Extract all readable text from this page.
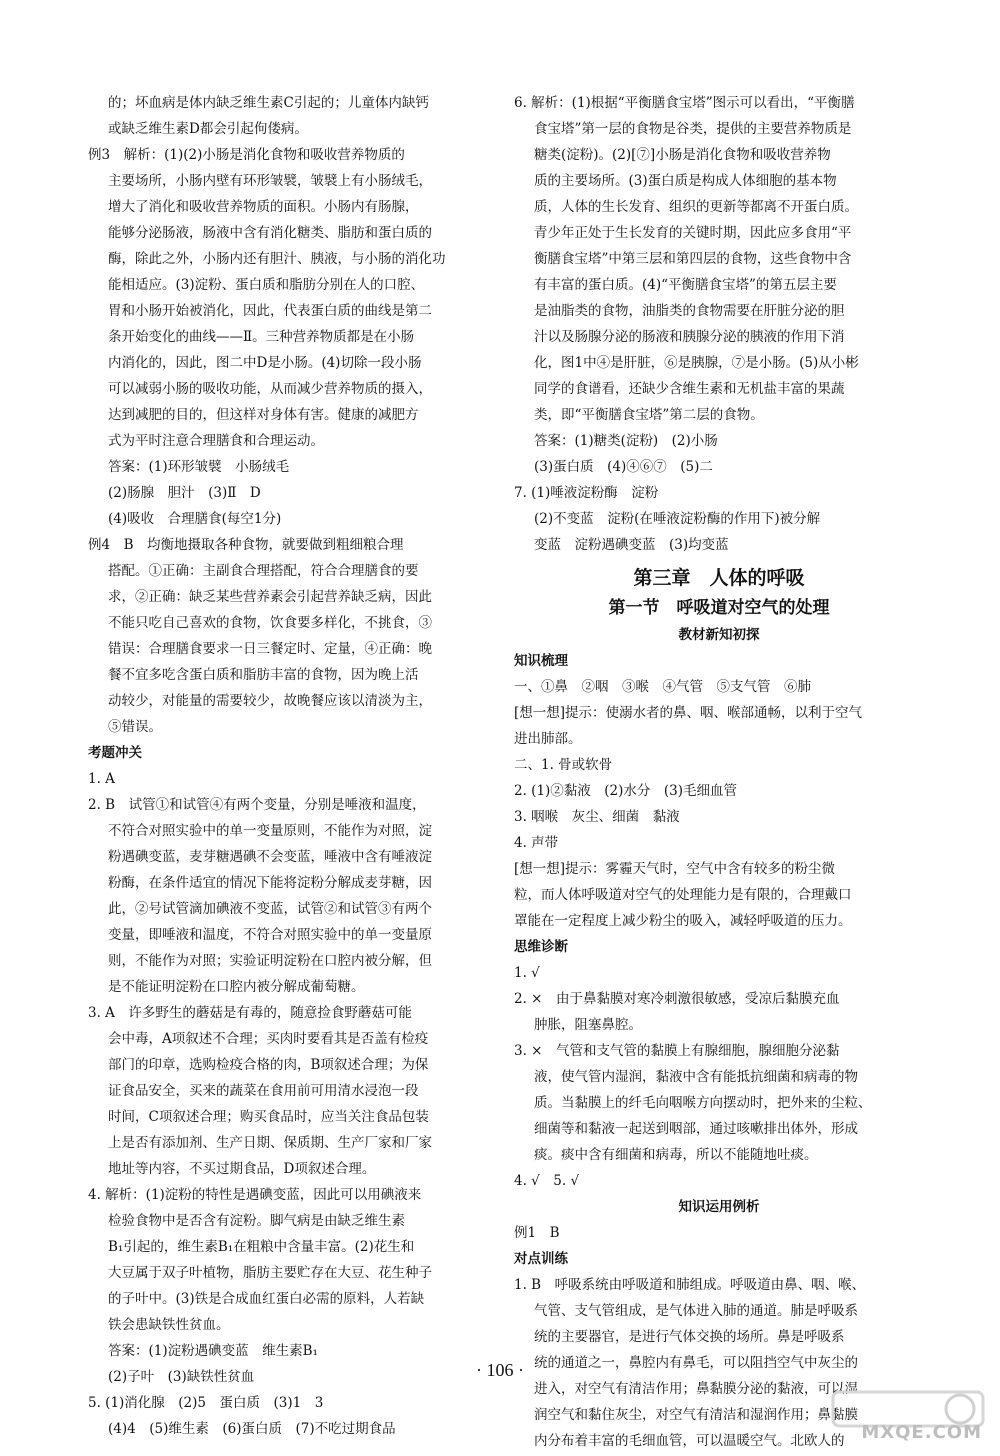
的；坏血病是体内缺乏维生素C引起的；儿童体内缺钙

或缺乏维生素D都会引起佝偻病。

例3　解析：(1)(2)小肠是消化食物和吸收营养物质的

主要场所，小肠内壁有环形皱襞，皱襞上有小肠绒毛，

增大了消化和吸收营养物质的面积。小肠内有肠腺，

能够分泌肠液，肠液中含有消化糖类、脂肪和蛋白质的

酶，除此之外，小肠内还有胆汁、胰液，与小肠的消化功

能相适应。(3)淀粉、蛋白质和脂肪分别在人的口腔、

胃和小肠开始被消化，因此，代表蛋白质的曲线是第二

条开始变化的曲线——Ⅱ。三种营养物质都是在小肠

内消化的，因此，图二中D是小肠。(4)切除一段小肠

可以减弱小肠的吸收功能，从而减少营养物质的摄入，

达到减肥的目的，但这样对身体有害。健康的减肥方

式为平时注意合理膳食和合理运动。

答案：(1)环形皱襞　小肠绒毛

(2)肠腺　胆汁　(3)Ⅱ　D

(4)吸收　合理膳食(每空1分)

例4　B　均衡地摄取各种食物，就要做到粗细粮合理

搭配。①正确：主副食合理搭配，符合合理膳食的要

求，②正确：缺乏某些营养素会引起营养缺乏病，因此

不能只吃自己喜欢的食物，饮食要多样化，不挑食，③

错误：合理膳食要求一日三餐定时、定量，④正确：晚

餐不宜多吃含蛋白质和脂肪丰富的食物，因为晚上活

动较少，对能量的需要较少，故晚餐应该以清淡为主，

⑤错误。

考题冲关

1. A

2. B　试管①和试管④有两个变量，分别是唾液和温度，

不符合对照实验中的单一变量原则，不能作为对照，淀

粉遇碘变蓝，麦芽糖遇碘不会变蓝，唾液中含有唾液淀

粉酶，在条件适宜的情况下能将淀粉分解成麦芽糖，因

此，②号试管滴加碘液不变蓝，试管②和试管③有两个

变量，即唾液和温度，不符合对照实验中的单一变量原

则，不能作为对照；实验证明淀粉在口腔内被分解，但

是不能证明淀粉在口腔内被分解成葡萄糖。

3. A　许多野生的蘑菇是有毒的，随意捡食野蘑菇可能

会中毒，A项叙述不合理；买肉时要看其是否盖有检疫

部门的印章，选购检疫合格的肉，B项叙述合理；为保

证食品安全，买来的蔬菜在食用前可用清水浸泡一段

时间，C项叙述合理；购买食品时，应当关注食品包装

上是否有添加剂、生产日期、保质期、生产厂家和厂家

地址等内容，不买过期食品，D项叙述合理。

4. 解析：(1)淀粉的特性是遇碘变蓝，因此可以用碘液来

检验食物中是否含有淀粉。脚气病是由缺乏维生素

B₁引起的，维生素B₁在粗粮中含量丰富。(2)花生和

大豆属于双子叶植物，脂肪主要贮存在大豆、花生种子

的子叶中。(3)铁是合成血红蛋白必需的原料，人若缺

铁会患缺铁性贫血。

答案：(1)淀粉遇碘变蓝　维生素B₁

(2)子叶　(3)缺铁性贫血

5. (1)消化腺　(2)5　蛋白质　(3)1　3

(4)4　(5)维生素　(6)蛋白质　(7)不吃过期食品

6. 解析：(1)根据“平衡膳食宝塔”图示可以看出，“平衡膳

食宝塔”第一层的食物是谷类，提供的主要营养物质是

糖类(淀粉)。(2)[⑦]小肠是消化食物和吸收营养物

质的主要场所。(3)蛋白质是构成人体细胞的基本物

质，人体的生长发育、组织的更新等都离不开蛋白质。

青少年正处于生长发育的关键时期，因此应多食用“平

衡膳食宝塔”中第三层和第四层的食物，这些食物中含

有丰富的蛋白质。(4)“平衡膳食宝塔”的第五层主要

是油脂类的食物，油脂类的食物需要在肝脏分泌的胆

汁以及肠腺分泌的肠液和胰腺分泌的胰液的作用下消

化，图1中④是肝脏，⑥是胰腺，⑦是小肠。(5)从小彬

同学的食谱看，还缺少含维生素和无机盐丰富的果蔬

类，即“平衡膳食宝塔”第二层的食物。

答案：(1)糖类(淀粉)　(2)小肠

(3)蛋白质　(4)④⑥⑦　(5)二

7. (1)唾液淀粉酶　淀粉

(2)不变蓝　淀粉(在唾液淀粉酶的作用下)被分解

变蓝　淀粉遇碘变蓝　(3)均变蓝

第三章　人体的呼吸
第一节　呼吸道对空气的处理

教材新知初探

知识梳理

一、①鼻　②咽　③喉　④气管　⑤支气管　⑥肺

[想一想]提示：使溺水者的鼻、咽、喉部通畅，以利于空气

进出肺部。

二、1. 骨或软骨

2. (1)②黏液　(2)水分　(3)毛细血管

3. 咽喉　灰尘、细菌　黏液

4. 声带

[想一想]提示：雾霾天气时，空气中含有较多的粉尘微

粒，而人体呼吸道对空气的处理能力是有限的，合理戴口

罩能在一定程度上减少粉尘的吸入，减轻呼吸道的压力。

思维诊断

1. √

2. ×　由于鼻黏膜对寒冷刺激很敏感，受凉后黏膜充血

肿胀，阻塞鼻腔。

3. ×　气管和支气管的黏膜上有腺细胞，腺细胞分泌黏

液，使气管内湿润，黏液中含有能抵抗细菌和病毒的物

质。当黏膜上的纤毛向咽喉方向摆动时，把外来的尘粒、

细菌等和黏液一起送到咽部，通过咳嗽排出体外，形成

痰。痰中含有细菌和病毒，所以不能随地吐痰。

4. √　5. √

知识运用例析

例1　B

对点训练

1. B　呼吸系统由呼吸道和肺组成。呼吸道由鼻、咽、喉、

气管、支气管组成，是气体进入肺的通道。肺是呼吸系

统的主要器官，是进行气体交换的场所。鼻是呼吸系

统的通道之一，鼻腔内有鼻毛，可以阻挡空气中灰尘的

进入，对空气有清洁作用；鼻黏膜分泌的黏液，可以湿

润空气和黏住灰尘，对空气有清洁和湿润作用；鼻黏膜

内分布着丰富的毛细血管，可以温暖空气。北欧人的

· 106 ·
MXQE.COM
